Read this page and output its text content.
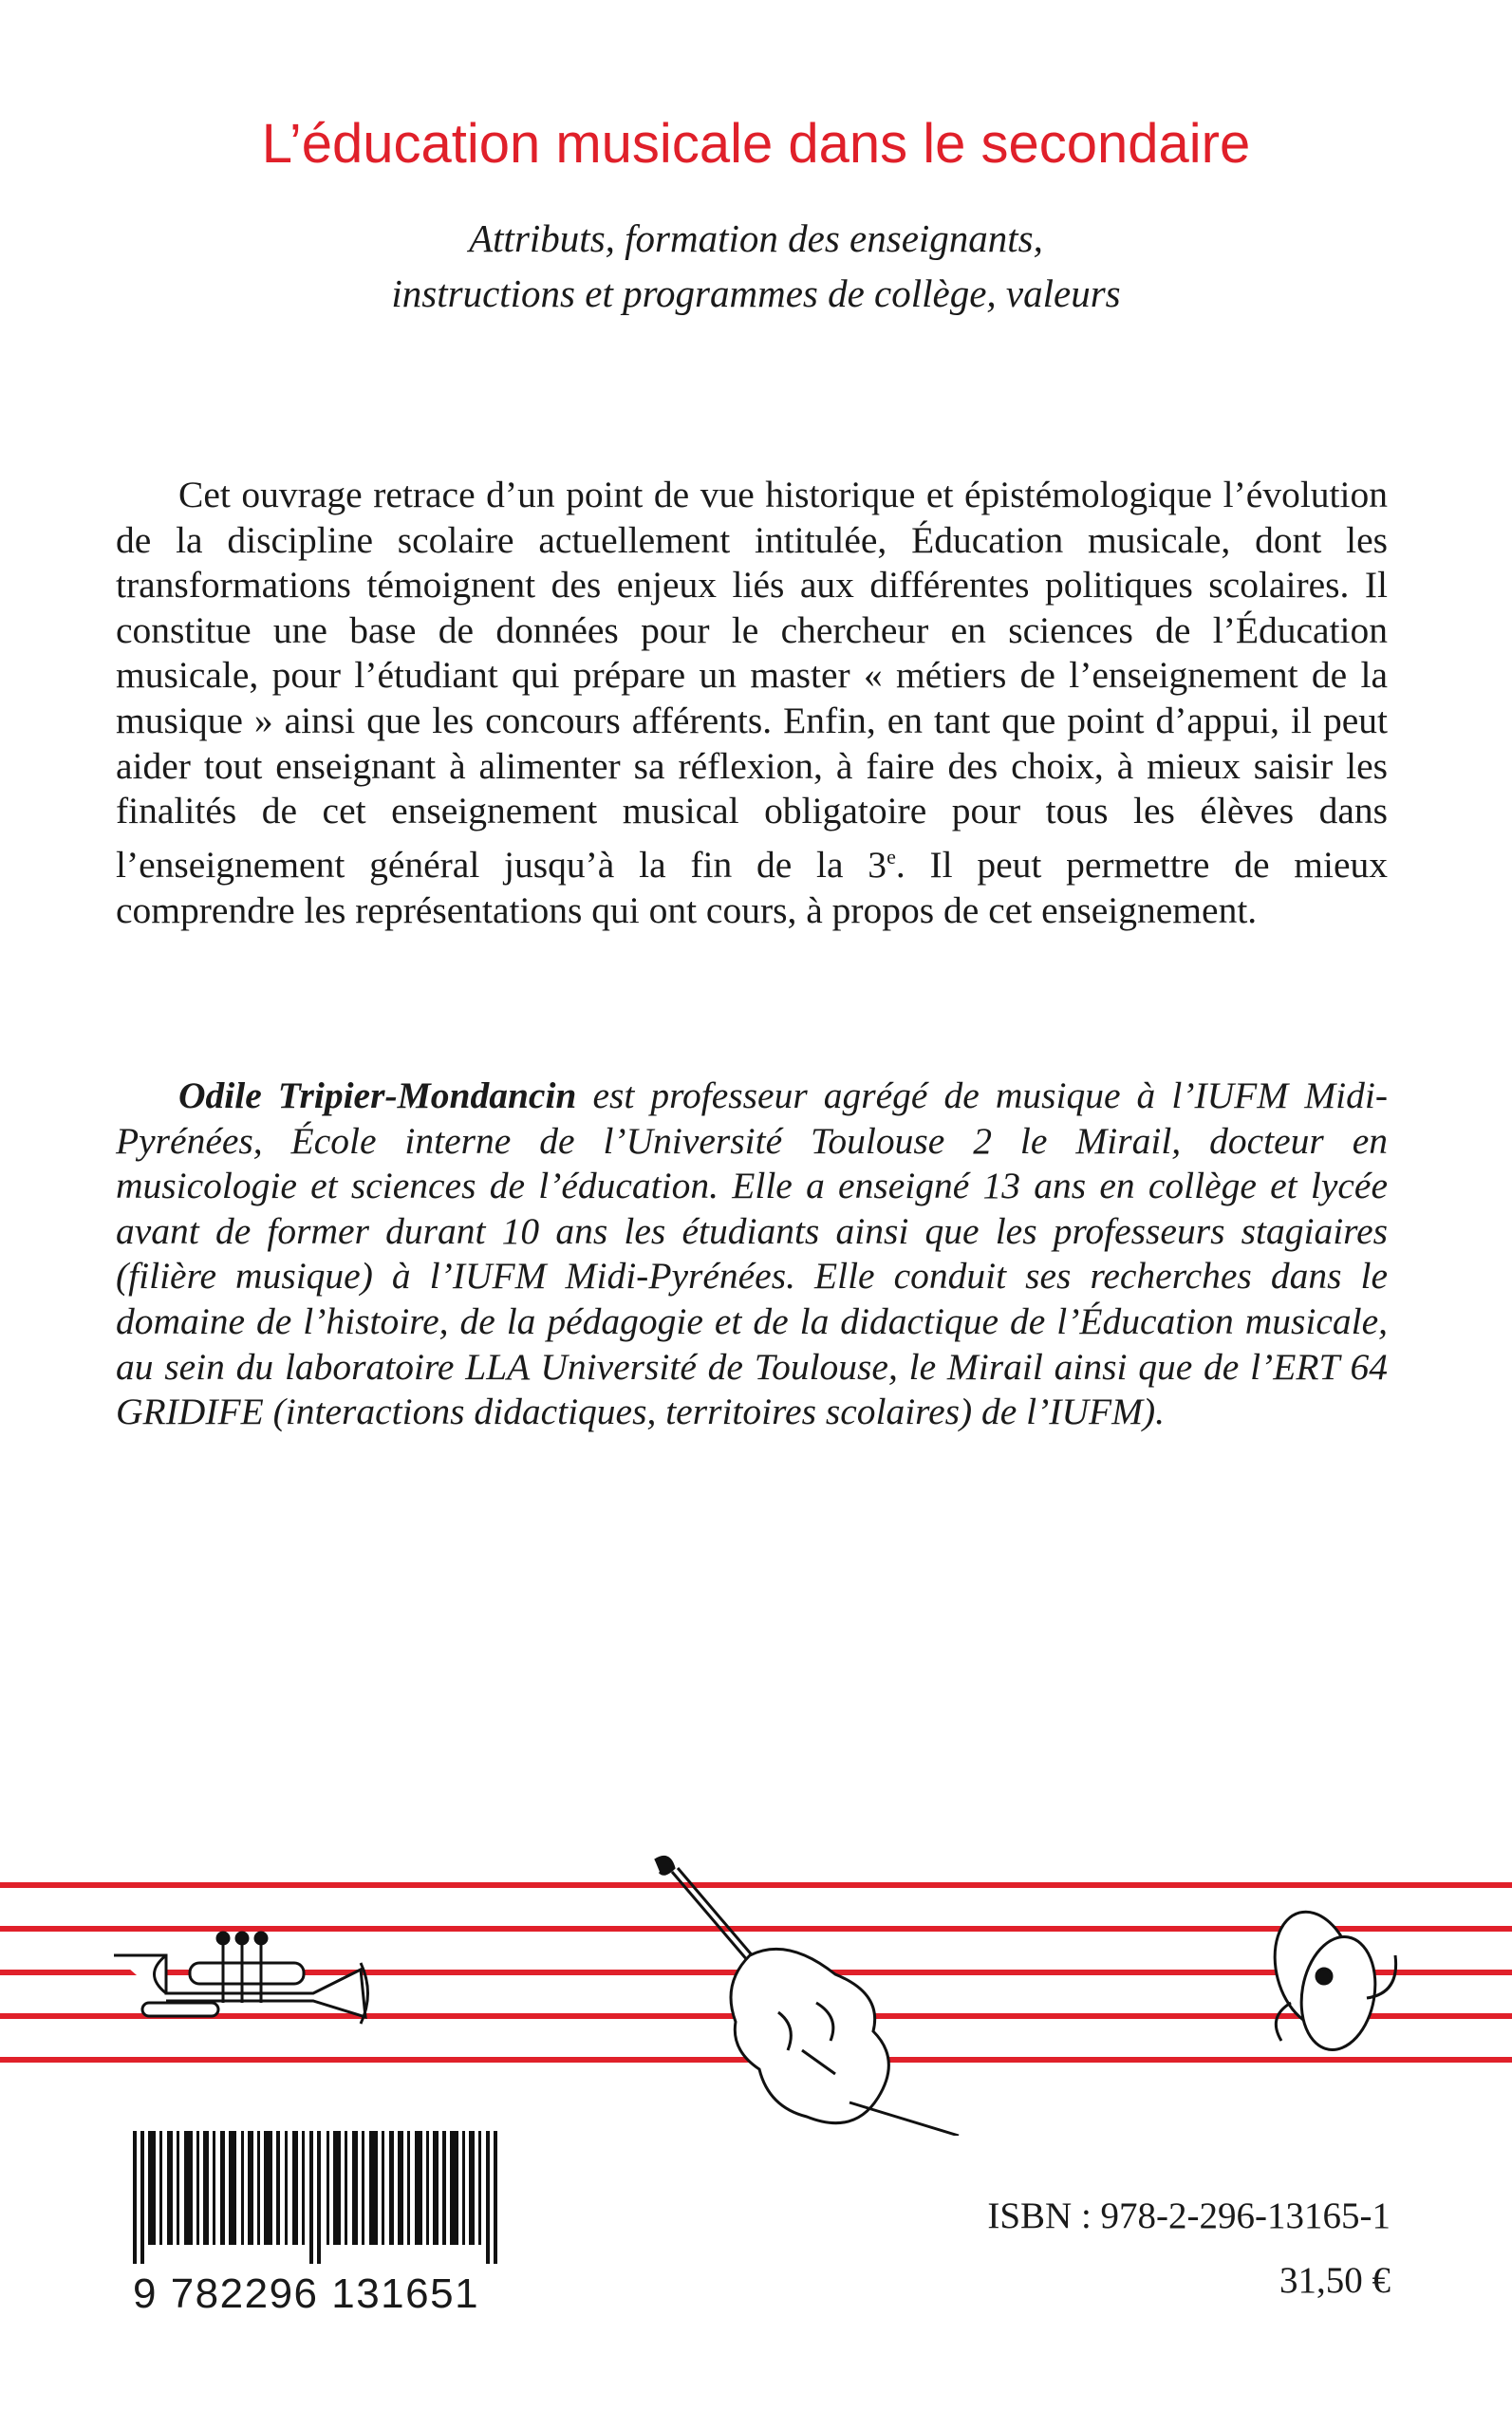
L’éducation musicale dans le secondaire
Attributs, formation des enseignants,
instructions et programmes de collège, valeurs

Cet ouvrage retrace d’un point de vue historique et épistémologique l’évolution de la discipline scolaire actuellement intitulée, Éducation musicale, dont les transformations témoignent des enjeux liés aux différentes politiques scolaires. Il constitue une base de données pour le chercheur en sciences de l’Éducation musicale, pour l’étudiant qui prépare un master « métiers de l’enseignement de la musique » ainsi que les concours afférents. Enfin, en tant que point d’appui, il peut aider tout enseignant à alimenter sa réflexion, à faire des choix, à mieux saisir les finalités de cet enseignement musical obligatoire pour tous les élèves dans l’enseignement général jusqu’à la fin de la 3e. Il peut permettre de mieux comprendre les représentations qui ont cours, à propos de cet enseignement.

Odile Tripier-Mondancin est professeur agrégé de musique à l’IUFM Midi-Pyrénées, École interne de l’Université Toulouse 2 le Mirail, docteur en musicologie et sciences de l’éducation. Elle a enseigné 13 ans en collège et lycée avant de former durant 10 ans les étudiants ainsi que les professeurs stagiaires (filière musique) à l’IUFM Midi-Pyrénées. Elle conduit ses recherches dans le domaine de l’histoire, de la pédagogie et de la didactique de l’Éducation musicale, au sein du laboratoire LLA Université de Toulouse, le Mirail ainsi que de l’ERT 64 GRIDIFE (interactions didactiques, territoires scolaires) de l’IUFM).

9 782296 131651
ISBN : 978-2-296-13165-1
31,50 €
